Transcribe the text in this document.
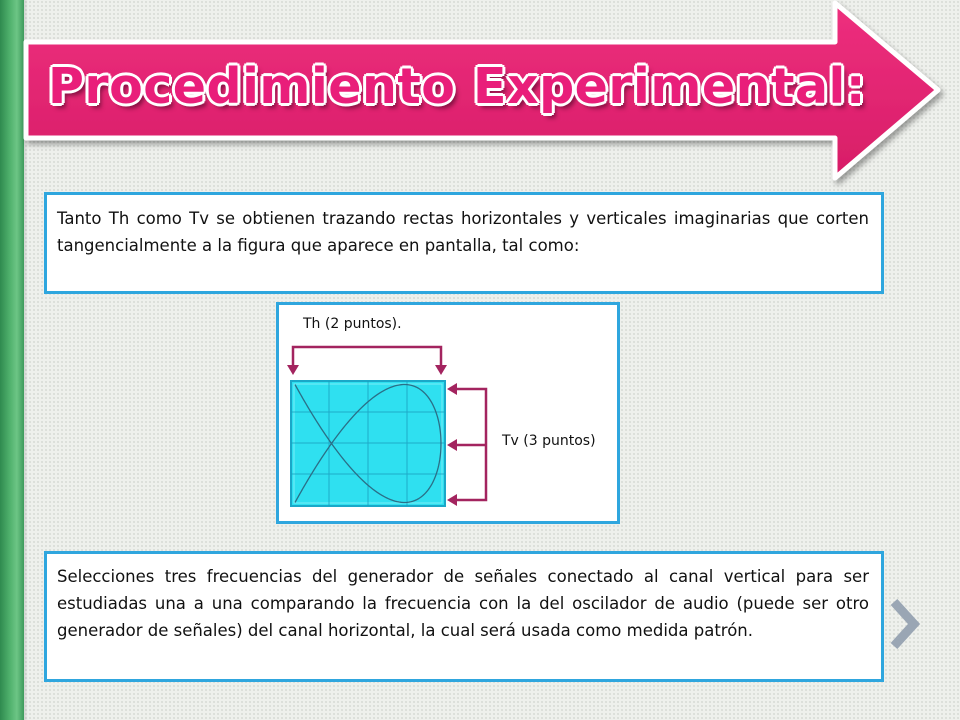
Procedimiento Experimental:
Tanto Th como Tv se obtienen trazando rectas horizontales y verticales imaginarias que corten tangencialmente a la figura que aparece en pantalla, tal como:
Th (2 puntos).
Tv (3 puntos)
Selecciones tres frecuencias del generador de señales conectado al canal vertical para ser estudiadas una a una comparando la frecuencia con la del oscilador de audio (puede ser otro generador de señales) del canal horizontal, la cual será usada como medida patrón.
